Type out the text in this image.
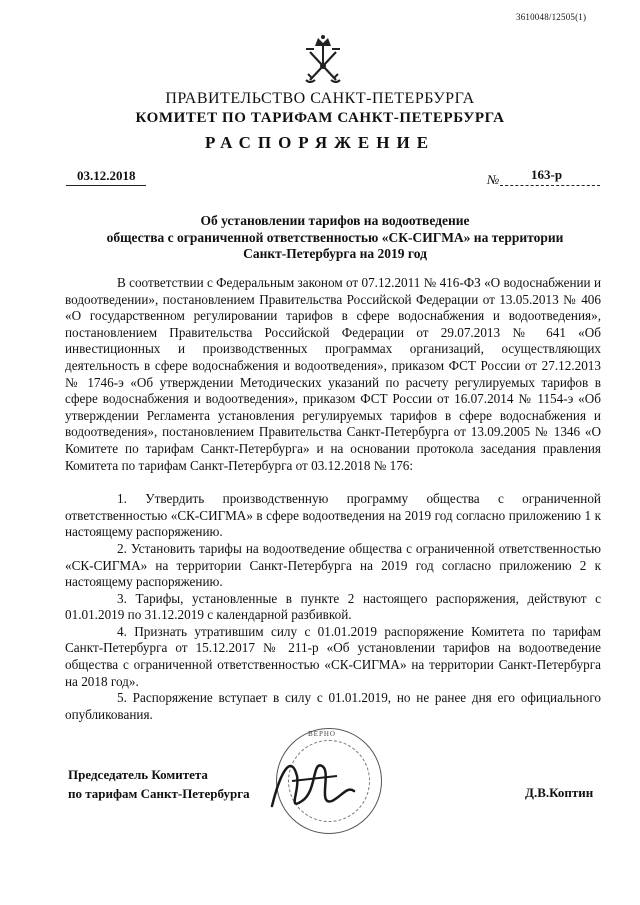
3610048/12505(1)
ПРАВИТЕЛЬСТВО САНКТ-ПЕТЕРБУРГА
КОМИТЕТ ПО ТАРИФАМ САНКТ-ПЕТЕРБУРГА
РАСПОРЯЖЕНИЕ
03.12.2018	№ 163-р
Об установлении тарифов на водоотведение
общества с ограниченной ответственностью «СК-СИГМА» на территории
Санкт-Петербурга на 2019 год

В соответствии с Федеральным законом от 07.12.2011 № 416-ФЗ «О водоснабжении и водоотведении», постановлением Правительства Российской Федерации от 13.05.2013 № 406 «О государственном регулировании тарифов в сфере водоснабжения и водоотведения», постановлением Правительства Российской Федерации от 29.07.2013 № 641 «Об инвестиционных и производственных программах организаций, осуществляющих деятельность в сфере водоснабжения и водоотведения», приказом ФСТ России от 27.12.2013 № 1746-э «Об утверждении Методических указаний по расчету регулируемых тарифов в сфере водоснабжения и водоотведения», приказом ФСТ России от 16.07.2014 № 1154-э «Об утверждении Регламента установления регулируемых тарифов в сфере водоснабжения и водоотведения», постановлением Правительства Санкт-Петербурга от 13.09.2005 № 1346 «О Комитете по тарифам Санкт-Петербурга» и на основании протокола заседания правления Комитета по тарифам Санкт-Петербурга от 03.12.2018 № 176:

1. Утвердить производственную программу общества с ограниченной ответственностью «СК-СИГМА» в сфере водоотведения на 2019 год согласно приложению 1 к настоящему распоряжению.

2. Установить тарифы на водоотведение общества с ограниченной ответственностью «СК-СИГМА» на территории Санкт-Петербурга на 2019 год согласно приложению 2 к настоящему распоряжению.

3. Тарифы, установленные в пункте 2 настоящего распоряжения, действуют с 01.01.2019 по 31.12.2019 с календарной разбивкой.

4. Признать утратившим силу с 01.01.2019 распоряжение Комитета по тарифам Санкт-Петербурга от 15.12.2017 № 211-р «Об установлении тарифов на водоотведение общества с ограниченной ответственностью «СК-СИГМА» на территории Санкт-Петербурга на 2018 год».

5. Распоряжение вступает в силу с 01.01.2019, но не ранее дня его официального опубликования.

ВЕРНО
Председатель Комитета
по тарифам Санкт-Петербурга	Д.В.Коптин
